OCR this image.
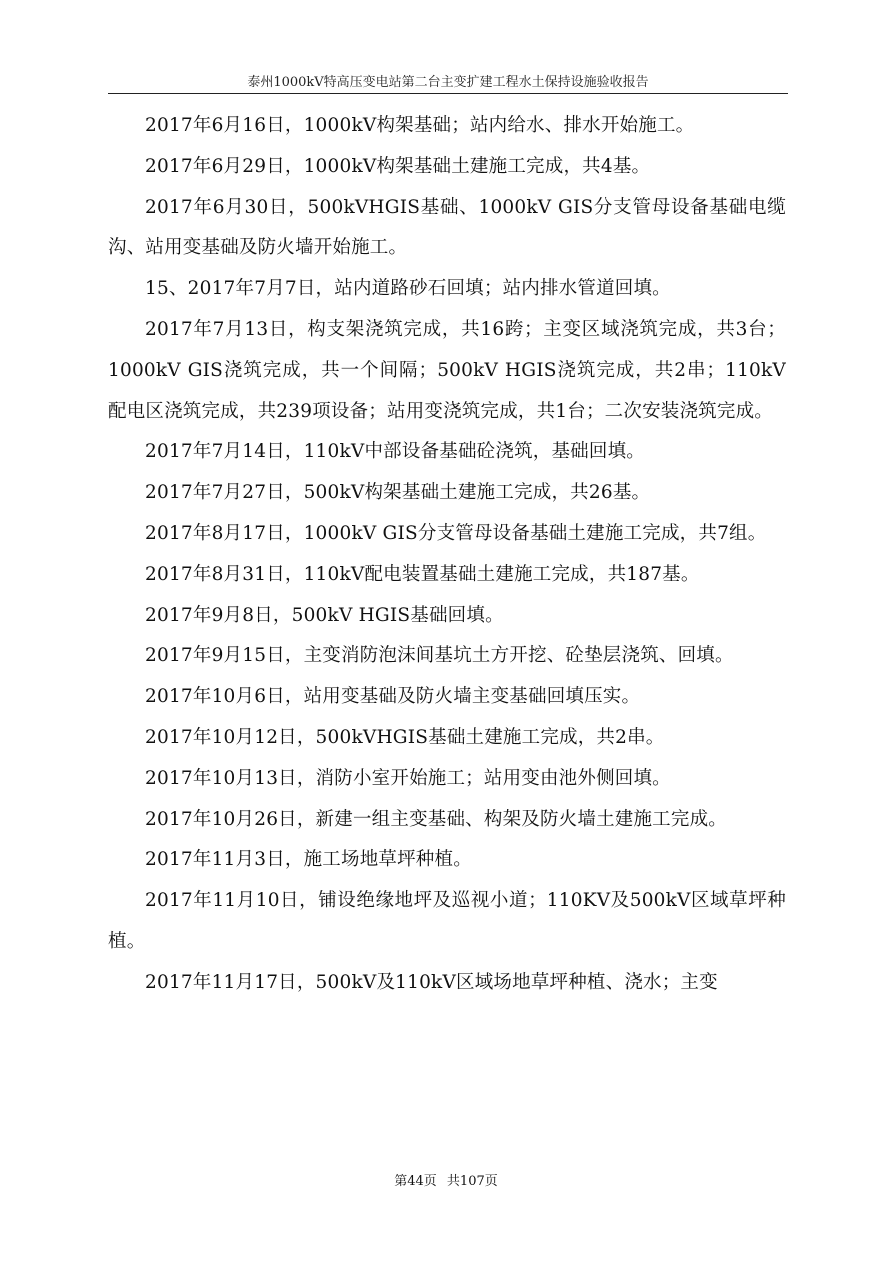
泰州1000kV特高压变电站第二台主变扩建工程水土保持设施验收报告

2017年6月16日，1000kV构架基础；站内给水、排水开始施工。

2017年6月29日，1000kV构架基础土建施工完成，共4基。

2017年6月30日，500kVHGIS基础、1000kV GIS分支管母设备基础电缆沟、站用变基础及防火墙开始施工。

15、2017年7月7日，站内道路砂石回填；站内排水管道回填。

2017年7月13日，构支架浇筑完成，共16跨；主变区域浇筑完成，共3台；1000kV GIS浇筑完成，共一个间隔；500kV HGIS浇筑完成，共2串；110kV配电区浇筑完成，共239项设备；站用变浇筑完成，共1台；二次安装浇筑完成。

2017年7月14日，110kV中部设备基础砼浇筑，基础回填。

2017年7月27日，500kV构架基础土建施工完成，共26基。

2017年8月17日，1000kV GIS分支管母设备基础土建施工完成，共7组。

2017年8月31日，110kV配电装置基础土建施工完成，共187基。

2017年9月8日，500kV HGIS基础回填。

2017年9月15日，主变消防泡沫间基坑土方开挖、砼垫层浇筑、回填。

2017年10月6日，站用变基础及防火墙主变基础回填压实。

2017年10月12日，500kVHGIS基础土建施工完成，共2串。

2017年10月13日，消防小室开始施工；站用变由池外侧回填。

2017年10月26日，新建一组主变基础、构架及防火墙土建施工完成。

2017年11月3日，施工场地草坪种植。

2017年11月10日，铺设绝缘地坪及巡视小道；110KV及500kV区域草坪种植。

2017年11月17日，500kV及110kV区域场地草坪种植、浇水；主变

第44页 共107页
